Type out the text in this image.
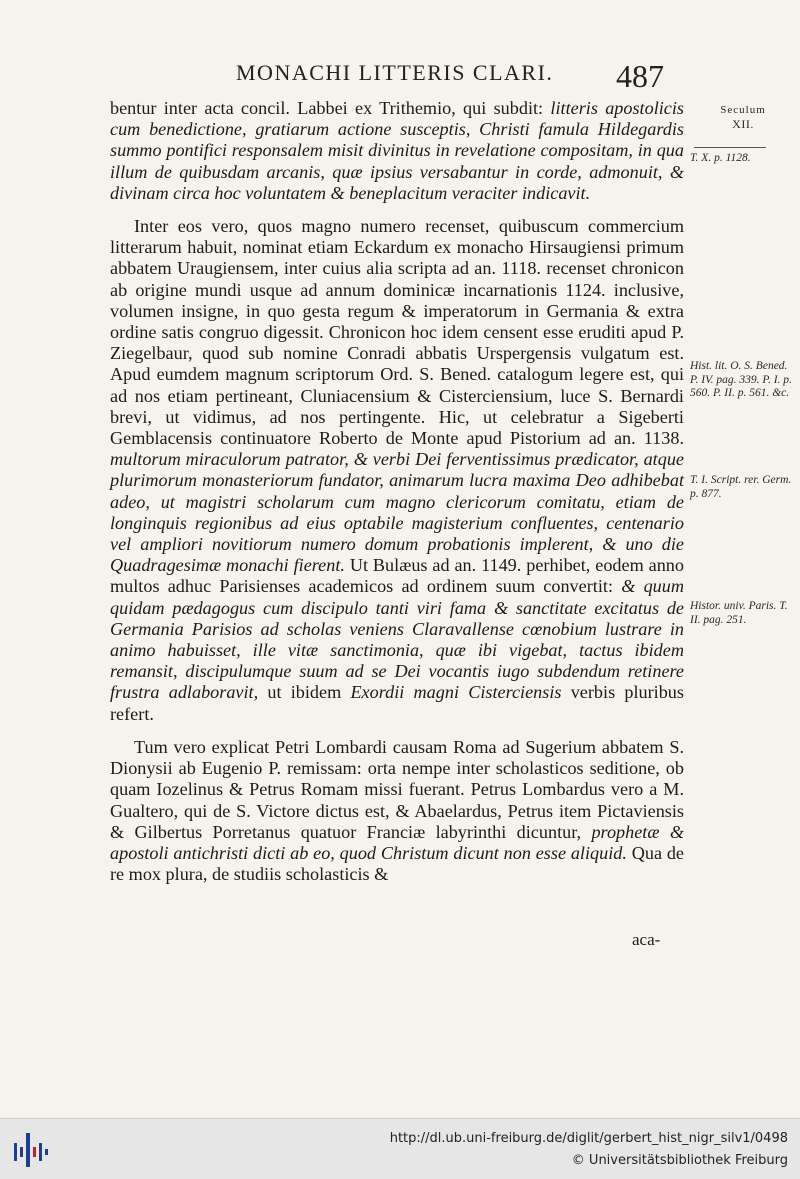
MONACHI LITTERIS CLARI. 487

bentur inter acta concil. Labbei ex Trithemio, qui subdit: litteris apostolicis cum benedictione, gratiarum actione susceptis, Christi famula Hildegardis summo pontifici responsalem misit divinitus in revelatione compositam, in qua illum de quibusdam arcanis, quæ ipsius versabantur in corde, admonuit, & divinam circa hoc voluntatem & beneplacitum veraciter indicavit.

Inter eos vero, quos magno numero recenset, quibuscum commercium litterarum habuit, nominat etiam Eckardum ex monacho Hirsaugiensi primum abbatem Uraugiensem, inter cuius alia scripta ad an. 1118. recenset chronicon ab origine mundi usque ad annum dominicæ incarnationis 1124. inclusive, volumen insigne, in quo gesta regum & imperatorum in Germania & extra ordine satis congruo digessit. Chronicon hoc idem censent esse eruditi apud P. Ziegelbaur, quod sub nomine Conradi abbatis Urspergensis vulgatum est. Apud eumdem magnum scriptorum Ord. S. Bened. catalogum legere est, qui ad nos etiam pertineant, Cluniacensium & Cisterciensium, luce S. Bernardi brevi, ut vidimus, ad nos pertingente. Hic, ut celebratur a Sigeberti Gemblacensis continuatore Roberto de Monte apud Pistorium ad an. 1138. multorum miraculorum patrator, & verbi Dei ferventissimus prædicator, atque plurimorum monasteriorum fundator, animarum lucra maxima Deo adhibebat adeo, ut magistri scholarum cum magno clericorum comitatu, etiam de longinquis regionibus ad eius optabile magisterium confluentes, centenario vel ampliori novitiorum numero domum probationis implerent, & uno die Quadragesimæ monachi fierent. Ut Bulæus ad an. 1149. perhibet, eodem anno multos adhuc Parisienses academicos ad ordinem suum convertit: & quum quidam pædagogus cum discipulo tanti viri fama & sanctitate excitatus de Germania Parisios ad scholas veniens Claravallense cœnobium lustrare in animo habuisset, ille vitæ sanctimonia, quæ ibi vigebat, tactus ibidem remansit, discipulumque suum ad se Dei vocantis iugo subdendum retinere frustra adlaboravit, ut ibidem Exordii magni Cisterciensis verbis pluribus refert.

Tum vero explicat Petri Lombardi causam Roma ad Sugerium abbatem S. Dionysii ab Eugenio P. remissam: orta nempe inter scholasticos seditione, ob quam Iozelinus & Petrus Romam missi fuerant. Petrus Lombardus vero a M. Gualtero, qui de S. Victore dictus est, & Abaelardus, Petrus item Pictaviensis & Gilbertus Porretanus quatuor Franciæ labyrinthi dicuntur, prophetæ & apostoli antichristi dicti ab eo, quod Christum dicunt non esse aliquid. Qua de re mox plura, de studiis scholasticis &

aca-
Seculum
XII.
T. X. p. 1128.
Hist. lit. O. S. Bened. P. IV. pag. 339. P. I. p. 560. P. II. p. 561. &c.
T. I. Script. rer. Germ. p. 877.
Histor. univ. Paris. T. II. pag. 251.
http://dl.ub.uni-freiburg.de/diglit/gerbert_hist_nigr_silv1/0498
© Universitätsbibliothek Freiburg
